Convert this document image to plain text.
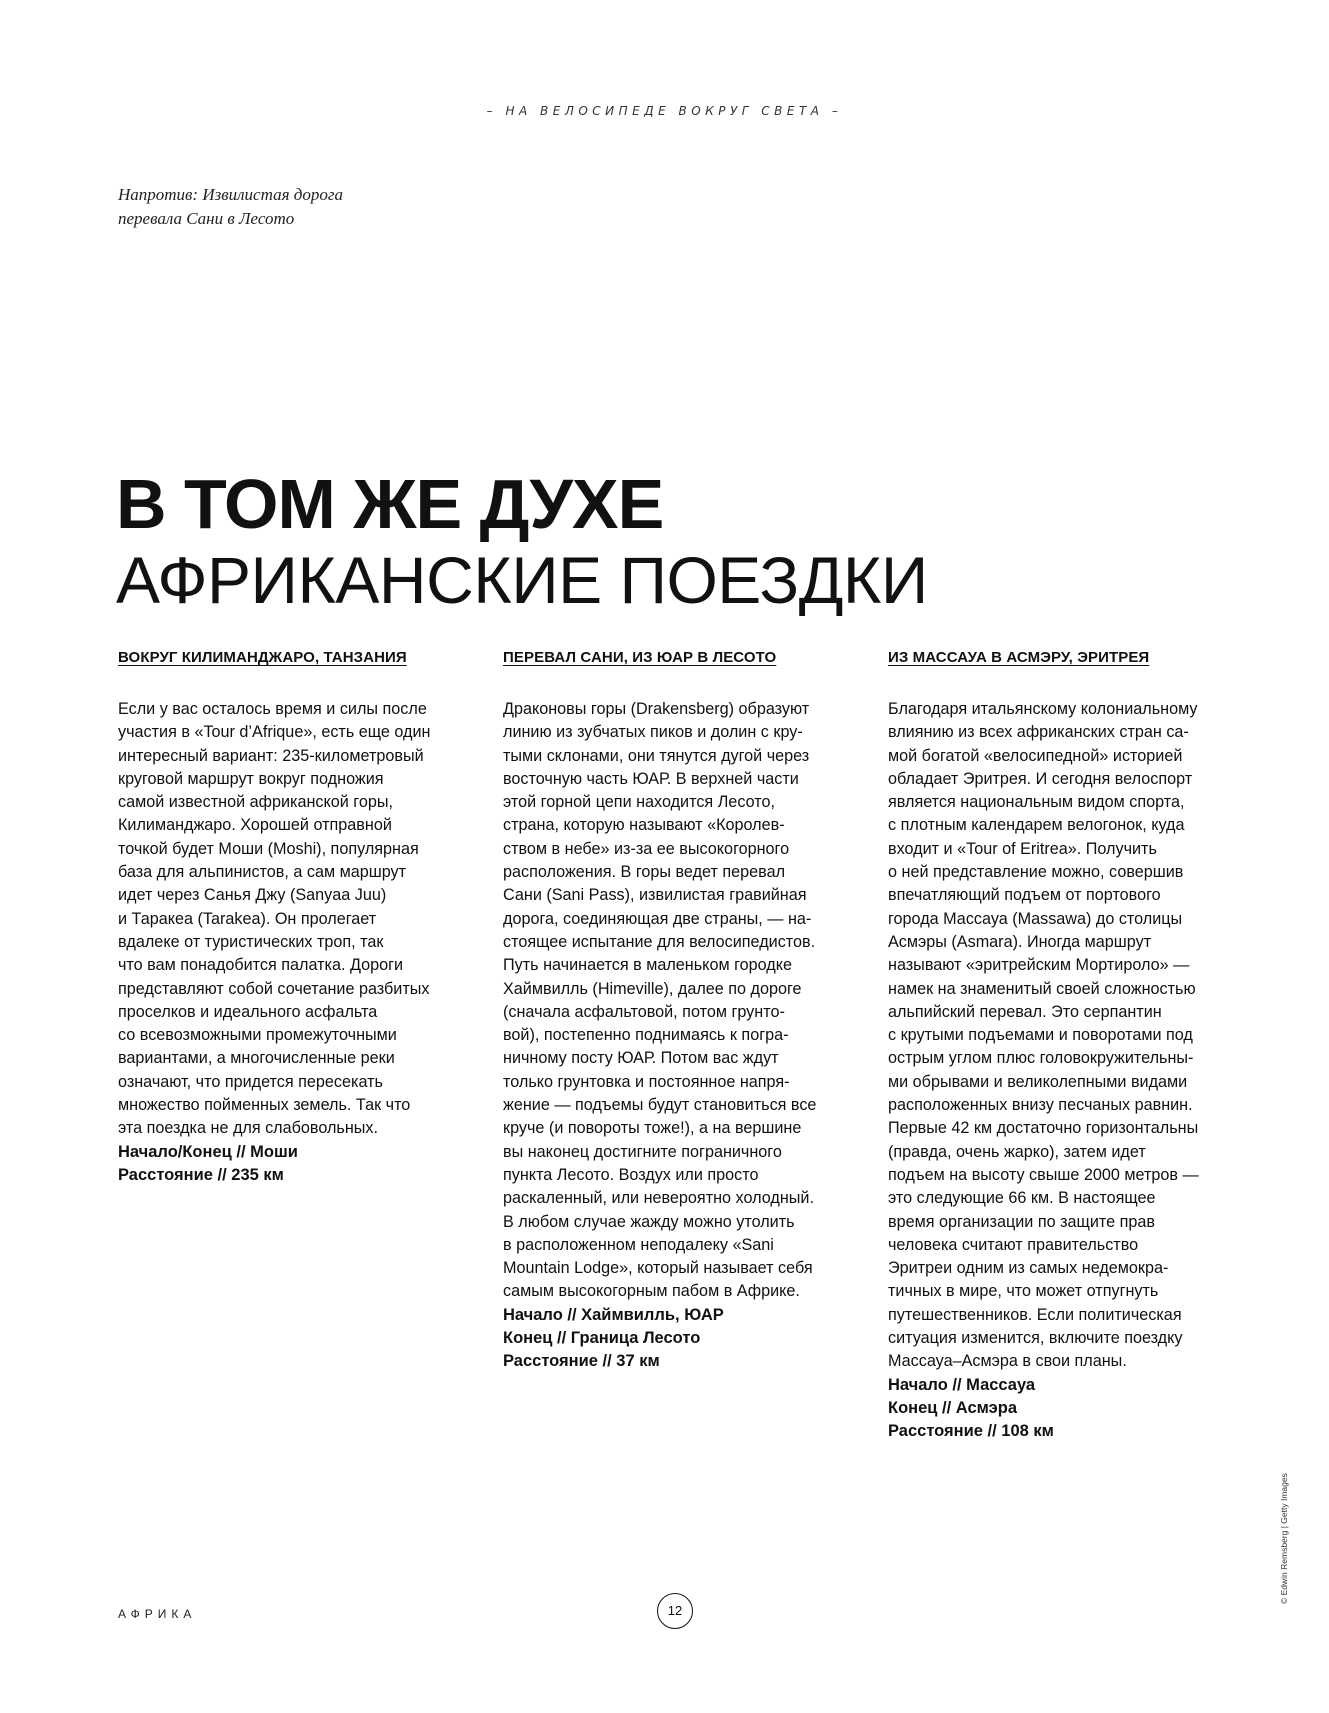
– НА ВЕЛОСИПЕДЕ ВОКРУГ СВЕТА –
Напротив: Извилистая дорога
перевала Сани в Лесото
В ТОМ ЖЕ ДУХЕ
АФРИКАНСКИЕ ПОЕЗДКИ
ВОКРУГ КИЛИМАНДЖАРО, ТАНЗАНИЯ
Если у вас осталось время и силы после
участия в «Tour d’Afrique», есть еще один
интересный вариант: 235-километровый
круговой маршрут вокруг подножия
самой известной африканской горы,
Килиманджаро. Хорошей отправной
точкой будет Моши (Moshi), популярная
база для альпинистов, а сам маршрут
идет через Санья Джу (Sanyaa Juu)
и Таракеа (Tarakea). Он пролегает
вдалеке от туристических троп, так
что вам понадобится палатка. Дороги
представляют собой сочетание разбитых
проселков и идеального асфальта
со всевозможными промежуточными
вариантами, а многочисленные реки
означают, что придется пересекать
множество пойменных земель. Так что
эта поездка не для слабовольных.
Начало/Конец // Моши
Расстояние // 235 км
ПЕРЕВАЛ САНИ, ИЗ ЮАР В ЛЕСОТО
Драконовы горы (Drakensberg) образуют
линию из зубчатых пиков и долин с кру-
тыми склонами, они тянутся дугой через
восточную часть ЮАР. В верхней части
этой горной цепи находится Лесото,
страна, которую называют «Королев-
ством в небе» из-за ее высокогорного
расположения. В горы ведет перевал
Сани (Sani Pass), извилистая гравийная
дорога, соединяющая две страны, — на-
стоящее испытание для велосипедистов.
Путь начинается в маленьком городке
Хаймвилль (Himeville), далее по дороге
(сначала асфальтовой, потом грунто-
вой), постепенно поднимаясь к погра-
ничному посту ЮАР. Потом вас ждут
только грунтовка и постоянное напря-
жение — подъемы будут становиться все
круче (и повороты тоже!), а на вершине
вы наконец достигните пограничного
пункта Лесото. Воздух или просто
раскаленный, или невероятно холодный.
В любом случае жажду можно утолить
в расположенном неподалеку «Sani
Mountain Lodge», который называет себя
самым высокогорным пабом в Африке.
Начало // Хаймвилль, ЮАР
Конец // Граница Лесото
Расстояние // 37 км
ИЗ МАССАУА В АСМЭРУ, ЭРИТРЕЯ
Благодаря итальянскому колониальному
влиянию из всех африканских стран са-
мой богатой «велосипедной» историей
обладает Эритрея. И сегодня велоспорт
является национальным видом спорта,
с плотным календарем велогонок, куда
входит и «Tour of Eritrea». Получить
о ней представление можно, совершив
впечатляющий подъем от портового
города Массауа (Massawa) до столицы
Асмэры (Asmara). Иногда маршрут
называют «эритрейским Мортироло» —
намек на знаменитый своей сложностью
альпийский перевал. Это серпантин
с крутыми подъемами и поворотами под
острым углом плюс головокружительны-
ми обрывами и великолепными видами
расположенных внизу песчаных равнин.
Первые 42 км достаточно горизонтальны
(правда, очень жарко), затем идет
подъем на высоту свыше 2000 метров —
это следующие 66 км. В настоящее
время организации по защите прав
человека считают правительство
Эритреи одним из самых недемокра-
тичных в мире, что может отпугнуть
путешественников. Если политическая
ситуация изменится, включите поездку
Массауа–Асмэра в свои планы.
Начало // Массауа
Конец // Асмэра
Расстояние // 108 км
© Edwin Remsberg | Getty Images
АФРИКА	12
